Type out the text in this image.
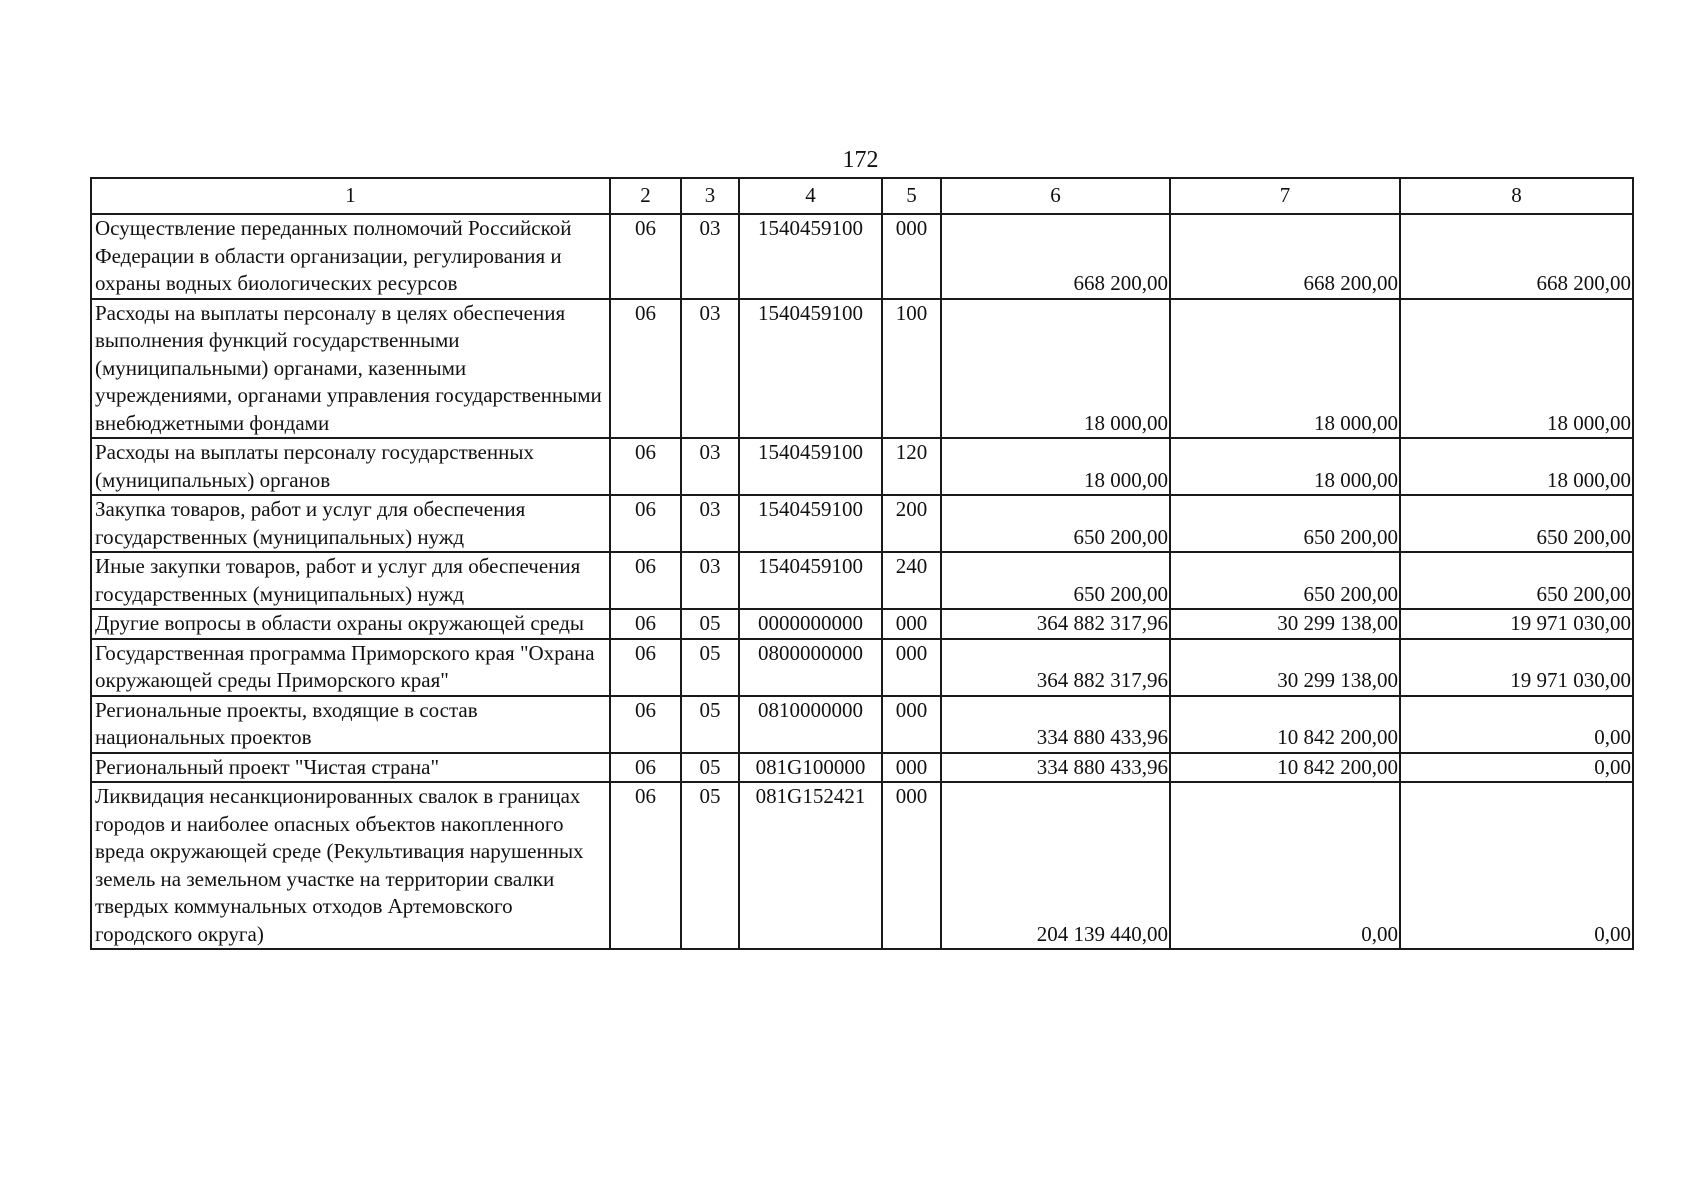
172
1	2	3	4	5	6	7	8
Осуществление переданных полномочий Российской Федерации в области организации, регулирования и охраны водных биологических ресурсов	06	03	1540459100	000	668 200,00	668 200,00	668 200,00
Расходы на выплаты персоналу в целях обеспечения выполнения функций государственными (муниципальными) органами, казенными учреждениями, органами управления государственными внебюджетными фондами	06	03	1540459100	100	18 000,00	18 000,00	18 000,00
Расходы на выплаты персоналу государственных (муниципальных) органов	06	03	1540459100	120	18 000,00	18 000,00	18 000,00
Закупка товаров, работ и услуг для обеспечения государственных (муниципальных) нужд	06	03	1540459100	200	650 200,00	650 200,00	650 200,00
Иные закупки товаров, работ и услуг для обеспечения государственных (муниципальных) нужд	06	03	1540459100	240	650 200,00	650 200,00	650 200,00
Другие вопросы в области охраны окружающей среды	06	05	0000000000	000	364 882 317,96	30 299 138,00	19 971 030,00
Государственная программа Приморского края "Охрана окружающей среды Приморского края"	06	05	0800000000	000	364 882 317,96	30 299 138,00	19 971 030,00
Региональные проекты, входящие в состав национальных проектов	06	05	0810000000	000	334 880 433,96	10 842 200,00	0,00
Региональный проект "Чистая страна"	06	05	081G100000	000	334 880 433,96	10 842 200,00	0,00
Ликвидация несанкционированных свалок в границах городов и наиболее опасных объектов накопленного вреда окружающей среде (Рекультивация нарушенных земель на земельном участке на территории свалки твердых коммунальных отходов Артемовского городского округа)	06	05	081G152421	000	204 139 440,00	0,00	0,00
